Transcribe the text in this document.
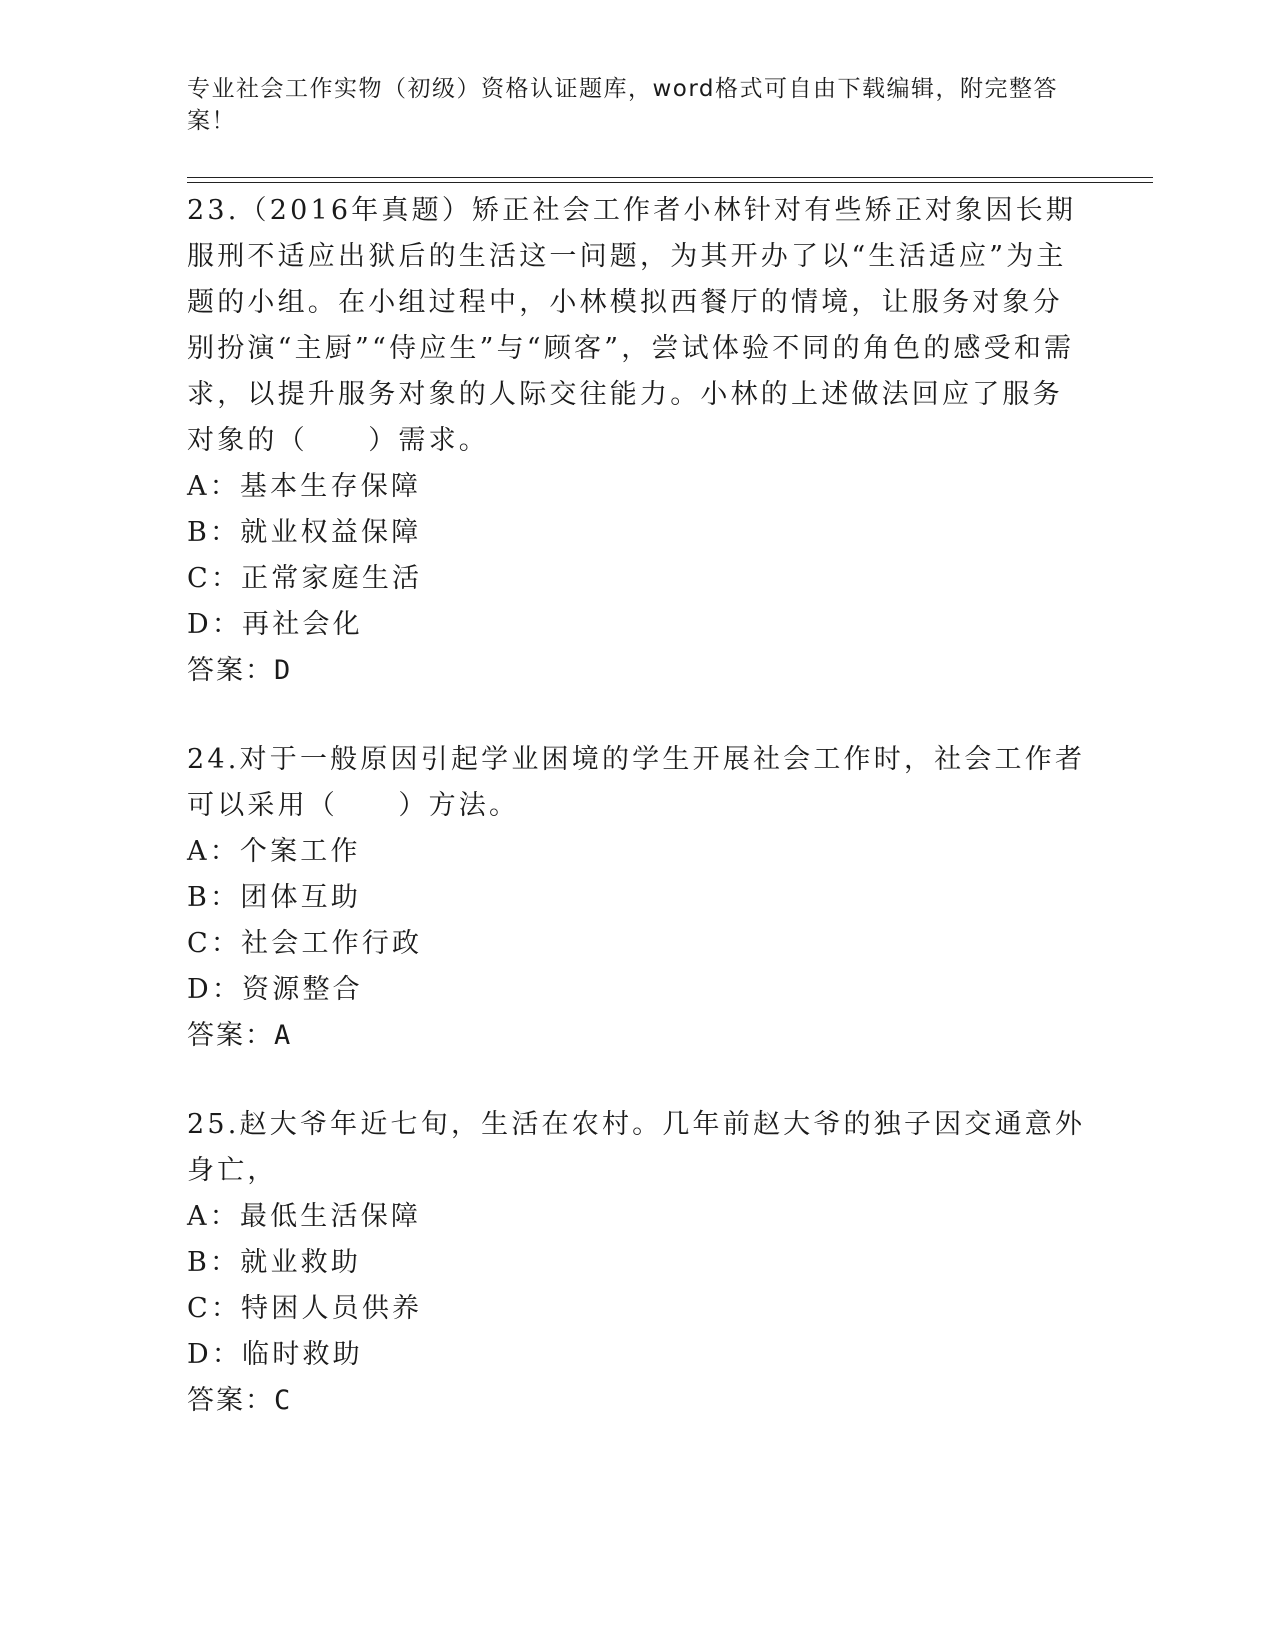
专业社会工作实物（初级）资格认证题库，word格式可自由下载编辑，附完整答案！
23.（2016年真题）矫正社会工作者小林针对有些矫正对象因长期服刑不适应出狱后的生活这一问题，为其开办了以“生活适应”为主题的小组。在小组过程中，小林模拟西餐厅的情境，让服务对象分别扮演“主厨”“侍应生”与“顾客”，尝试体验不同的角色的感受和需求，以提升服务对象的人际交往能力。小林的上述做法回应了服务对象的（　　）需求。
A：基本生存保障
B：就业权益保障
C：正常家庭生活
D：再社会化
答案：D
24.对于一般原因引起学业困境的学生开展社会工作时，社会工作者可以采用（　　）方法。
A：个案工作
B：团体互助
C：社会工作行政
D：资源整合
答案：A
25.赵大爷年近七旬，生活在农村。几年前赵大爷的独子因交通意外身亡，
A：最低生活保障
B：就业救助
C：特困人员供养
D：临时救助
答案：C
